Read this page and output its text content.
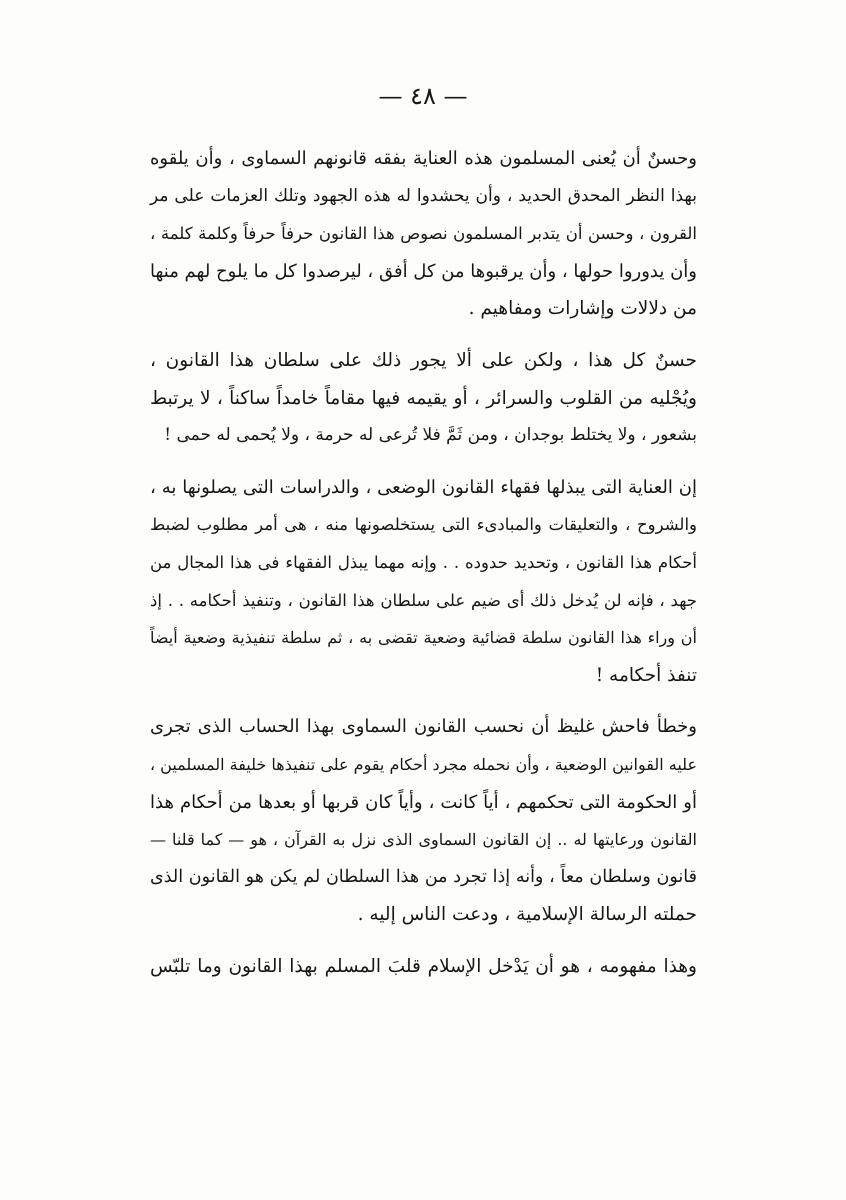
— ٤٨ —

وحسنٌ أن يُعنى المسلمون هذه العناية بفقه قانونهم السماوى ، وأن يلقوه
بهذا النظر المحدق الحديد ، وأن يحشدوا له هذه الجهود وتلك العزمات على مر
القرون ، وحسن أن يتدبر المسلمون نصوص هذا القانون حرفاً حرفاً وكلمة كلمة ،
وأن يدوروا حولها ، وأن يرقبوها من كل أفق ، ليرصدوا كل ما يلوح لهم منها
من دلالات وإشارات ومفاهيم .

حسنٌ كل هذا ، ولكن على ألا يجور ذلك على سلطان هذا القانون ،
ويُجْليه من القلوب والسرائر ، أو يقيمه فيها مقاماً خامداً ساكناً ، لا يرتبط
بشعور ، ولا يختلط بوجدان ، ومن ثَمَّ فلا تُرعى له حرمة ، ولا يُحمى له حمى !

إن العناية التى يبذلها فقهاء القانون الوضعى ، والدراسات التى يصلونها به ،
والشروح ، والتعليقات والمبادىء التى يستخلصونها منه ، هى أمر مطلوب لضبط
أحكام هذا القانون ، وتحديد حدوده . . وإنه مهما يبذل الفقهاء فى هذا المجال من
جهد ، فإنه لن يُدخل ذلك أى ضيم على سلطان هذا القانون ، وتنفيذ أحكامه . . إذ
أن وراء هذا القانون سلطة قضائية وضعية تقضى به ، ثم سلطة تنفيذية وضعية أيضاً
تنفذ أحكامه !

وخطأ فاحش غليظ أن نحسب القانون السماوى بهذا الحساب الذى تجرى
عليه القوانين الوضعية ، وأن نحمله مجرد أحكام يقوم على تنفيذها خليفة المسلمين ،
أو الحكومة التى تحكمهم ، أياً كانت ، وأياً كان قربها أو بعدها من أحكام هذا
القانون ورعايتها له .. إن القانون السماوى الذى نزل به القرآن ، هو — كما قلنا —
قانون وسلطان معاً ، وأنه إذا تجرد من هذا السلطان لم يكن هو القانون الذى
حملته الرسالة الإسلامية ، ودعت الناس إليه .

وهذا مفهومه ، هو أن يَدْخل الإسلام قلبَ المسلم بهذا القانون وما تلبّس
